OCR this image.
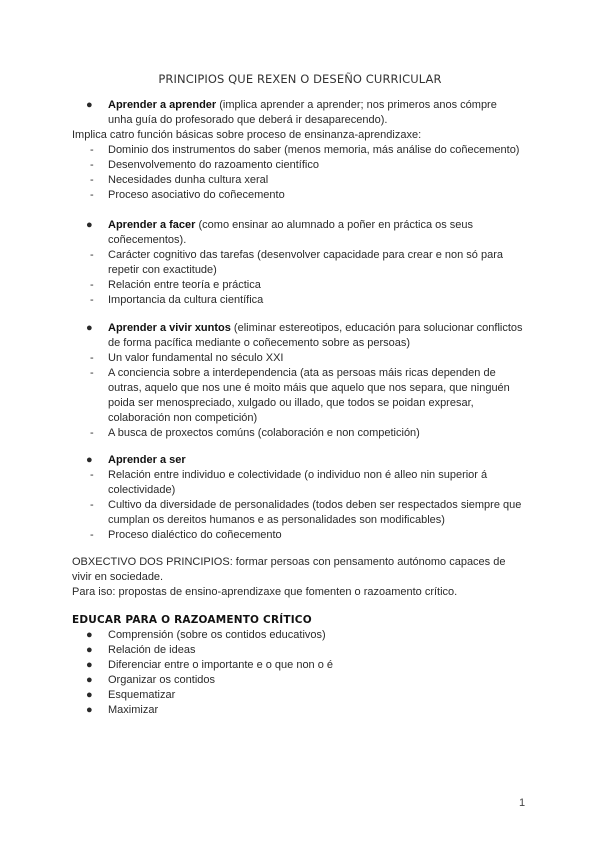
PRINCIPIOS QUE REXEN O DESEÑO CURRICULAR
● Aprender a aprender (implica aprender a aprender; nos primeros anos cómpre
unha guía do profesorado que deberá ir desaparecendo).
Implica catro función básicas sobre proceso de ensinanza-aprendizaxe:
- Dominio dos instrumentos do saber (menos memoria, más análise do coñecemento)
- Desenvolvemento do razoamento científico
- Necesidades dunha cultura xeral
- Proceso asociativo do coñecemento
● Aprender a facer (como ensinar ao alumnado a poñer en práctica os seus
coñecementos).
- Carácter cognitivo das tarefas (desenvolver capacidade para crear e non só para
repetir con exactitude)
- Relación entre teoría e práctica
- Importancia da cultura científica
● Aprender a vivir xuntos (eliminar estereotipos, educación para solucionar conflictos
de forma pacífica mediante o coñecemento sobre as persoas)
- Un valor fundamental no século XXI
- A conciencia sobre a interdependencia (ata as persoas máis ricas dependen de
outras, aquelo que nos une é moito máis que aquelo que nos separa, que ninguén
poida ser menospreciado, xulgado ou illado, que todos se poidan expresar,
colaboración non competición)
- A busca de proxectos comúns (colaboración e non competición)
● Aprender a ser
- Relación entre individuo e colectividade (o individuo non é alleo nin superior á
colectividade)
- Cultivo da diversidade de personalidades (todos deben ser respectados siempre que
cumplan os dereitos humanos e as personalidades son modificables)
- Proceso dialéctico do coñecemento
OBXECTIVO DOS PRINCIPIOS: formar persoas con pensamento autónomo capaces de
vivir en sociedade.
Para iso: propostas de ensino-aprendizaxe que fomenten o razoamento crítico.
EDUCAR PARA O RAZOAMENTO CRÍTICO
● Comprensión (sobre os contidos educativos)
● Relación de ideas
● Diferenciar entre o importante e o que non o é
● Organizar os contidos
● Esquematizar
● Maximizar
1
